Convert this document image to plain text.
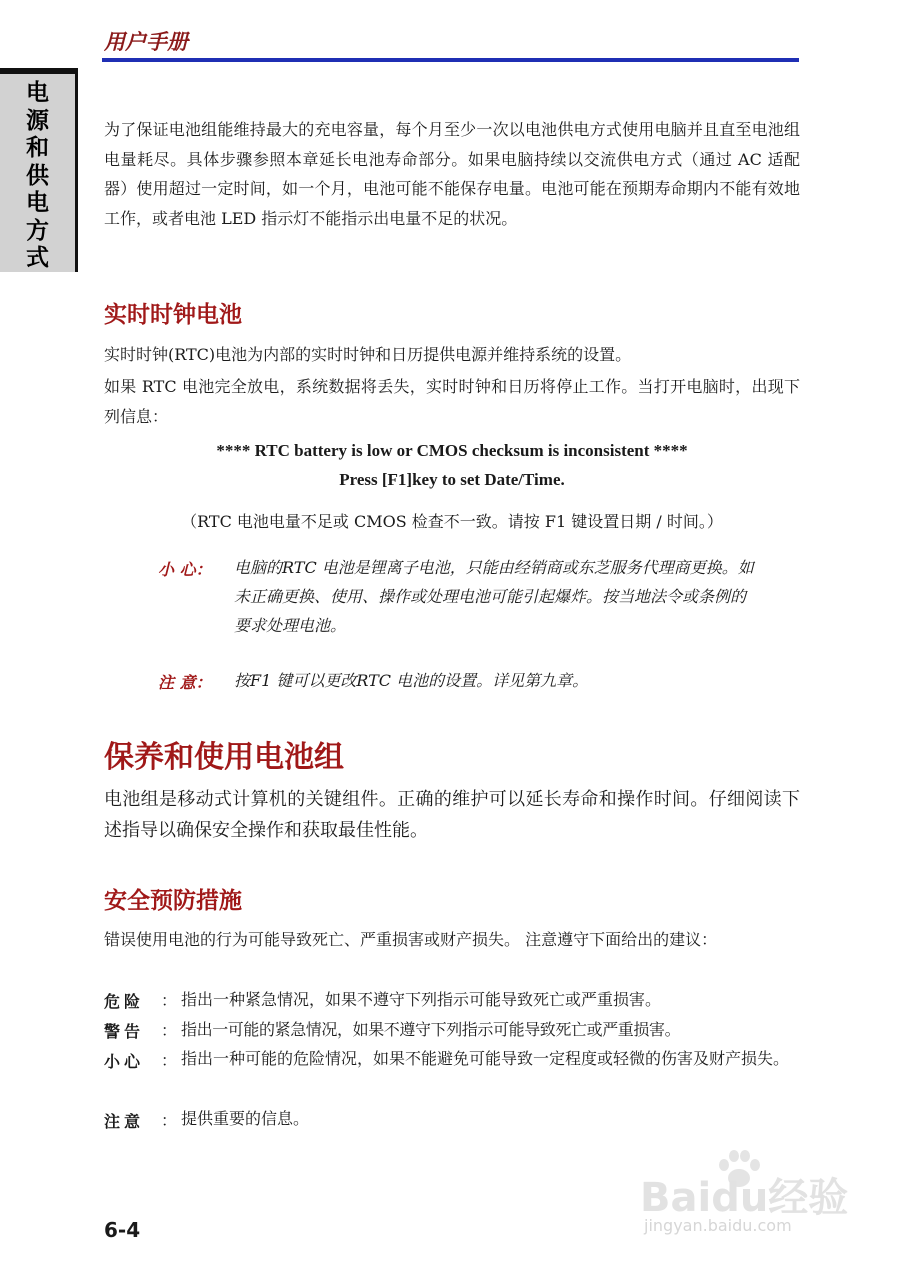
用户手册
电
源
和
供
电
方
式

为了保证电池组能维持最大的充电容量，每个月至少一次以电池供电方式使用电脑并且直至电池组电量耗尽。具体步骤参照本章延长电池寿命部分。如果电脑持续以交流供电方式（通过 AC 适配器）使用超过一定时间，如一个月，电池可能不能保存电量。电池可能在预期寿命期内不能有效地工作，或者电池 LED 指示灯不能指示出电量不足的状况。

实时时钟电池

实时时钟(RTC)电池为内部的实时时钟和日历提供电源并维持系统的设置。

如果 RTC 电池完全放电，系统数据将丢失，实时时钟和日历将停止工作。当打开电脑时，出现下列信息：

**** RTC battery is low or CMOS checksum is inconsistent ****

Press [F1]key to set Date/Time.

（RTC 电池电量不足或 CMOS 检查不一致。请按 F1 键设置日期 / 时间。）

小 心： 电脑的RTC 电池是锂离子电池，只能由经销商或东芝服务代理商更换。如未正确更换、使用、操作或处理电池可能引起爆炸。按当地法令或条例的要求处理电池。

注 意： 按F1 键可以更改RTC 电池的设置。详见第九章。

保养和使用电池组

电池组是移动式计算机的关键组件。正确的维护可以延长寿命和操作时间。仔细阅读下述指导以确保安全操作和获取最佳性能。

安全预防措施

错误使用电池的行为可能导致死亡、严重损害或财产损失。 注意遵守下面给出的建议：

危险 ： 指出一种紧急情况，如果不遵守下列指示可能导致死亡或严重损害。

警告 ： 指出一可能的紧急情况，如果不遵守下列指示可能导致死亡或严重损害。

小心 ： 指出一种可能的危险情况，如果不能避免可能导致一定程度或轻微的伤害及财产损失。

注意 ： 提供重要的信息。

6-4

Baidu经验
jingyan.baidu.com
